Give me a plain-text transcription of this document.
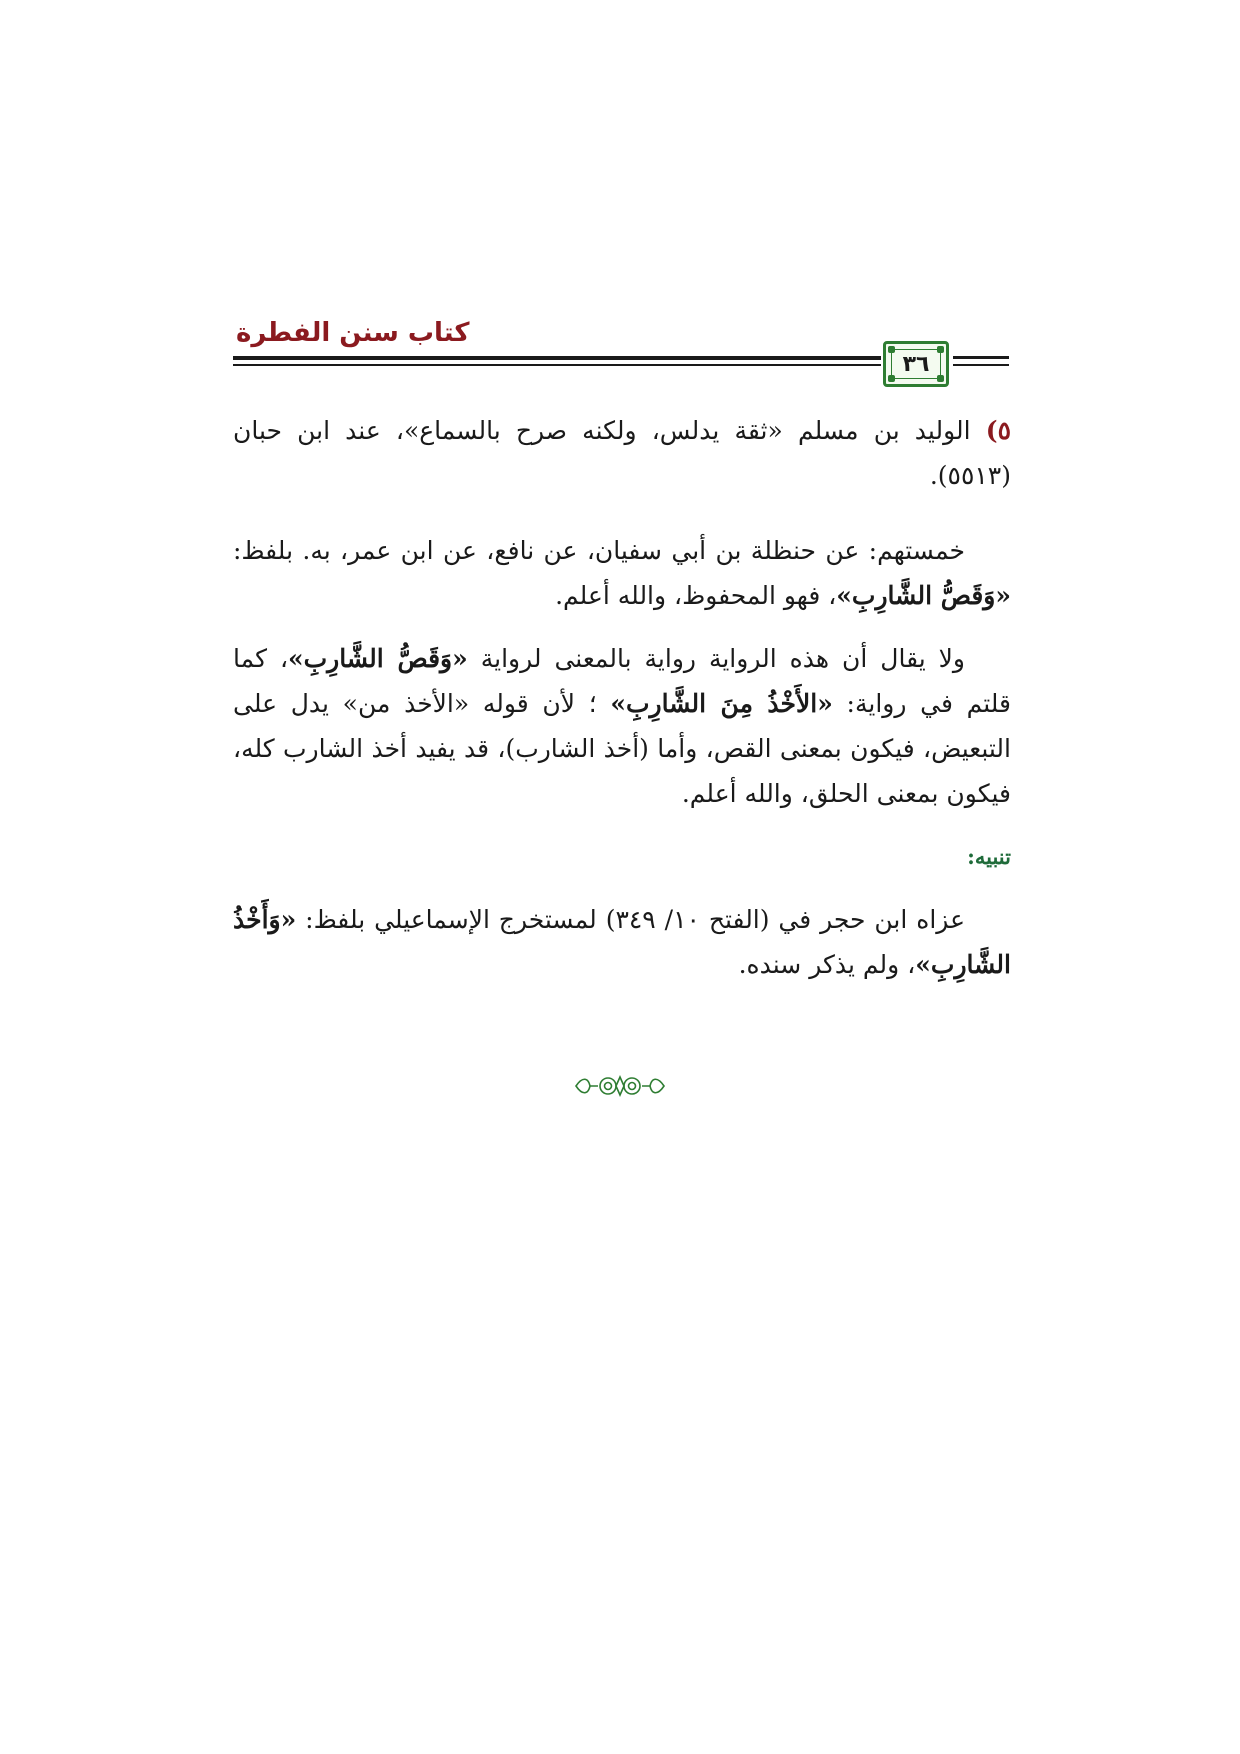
كتاب سنن الفطرة
٣٦

٥) الوليد بن مسلم «ثقة يدلس، ولكنه صرح بالسماع»، عند ابن حبان (٥٥١٣).

خمستهم: عن حنظلة بن أبي سفيان، عن نافع، عن ابن عمر، به. بلفظ: «وَقَصُّ الشَّارِبِ»، فهو المحفوظ، والله أعلم.

ولا يقال أن هذه الرواية رواية بالمعنى لرواية «وَقَصُّ الشَّارِبِ»، كما قلتم في رواية: «الأَخْذُ مِنَ الشَّارِبِ» ؛ لأن قوله «الأخذ من» يدل على التبعيض، فيكون بمعنى القص، وأما (أخذ الشارب)، قد يفيد أخذ الشارب كله، فيكون بمعنى الحلق، والله أعلم.

تنبيه:

عزاه ابن حجر في (الفتح ١٠/ ٣٤٩) لمستخرج الإسماعيلي بلفظ: «وَأَخْذُ الشَّارِبِ»، ولم يذكر سنده.
